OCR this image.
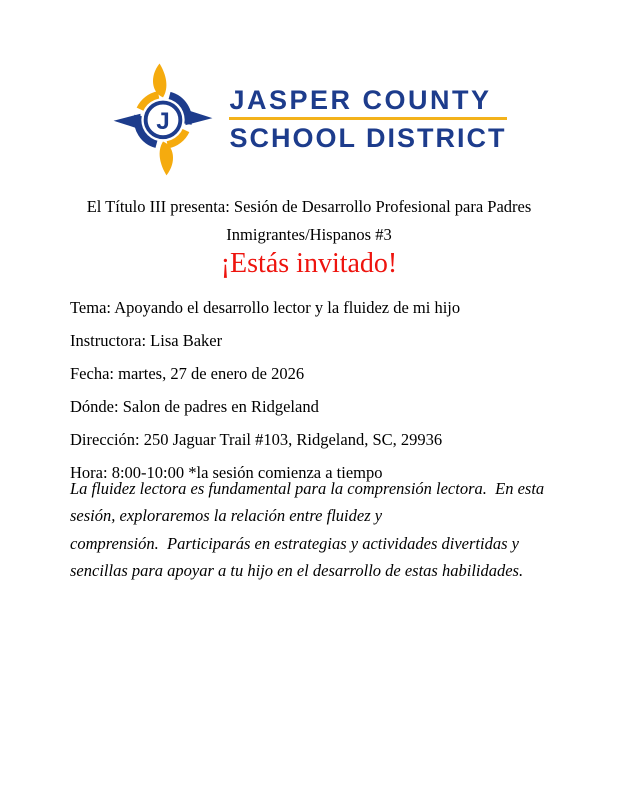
J
JASPER COUNTY
SCHOOL DISTRICT
El Título III presenta: Sesión de Desarrollo Profesional para Padres
Inmigrantes/Hispanos #3
¡Estás invitado!
Tema: Apoyando el desarrollo lector y la fluidez de mi hijo
Instructora: Lisa Baker
Fecha: martes, 27 de enero de 2026
Dónde: Salon de padres en Ridgeland
Dirección: 250 Jaguar Trail #103, Ridgeland, SC, 29936
Hora: 8:00-10:00 *la sesión comienza a tiempo
La fluidez lectora es fundamental para la comprensión lectora.  En esta
sesión, exploraremos la relación entre fluidez y
comprensión.  Participarás en estrategias y actividades divertidas y
sencillas para apoyar a tu hijo en el desarrollo de estas habilidades.
